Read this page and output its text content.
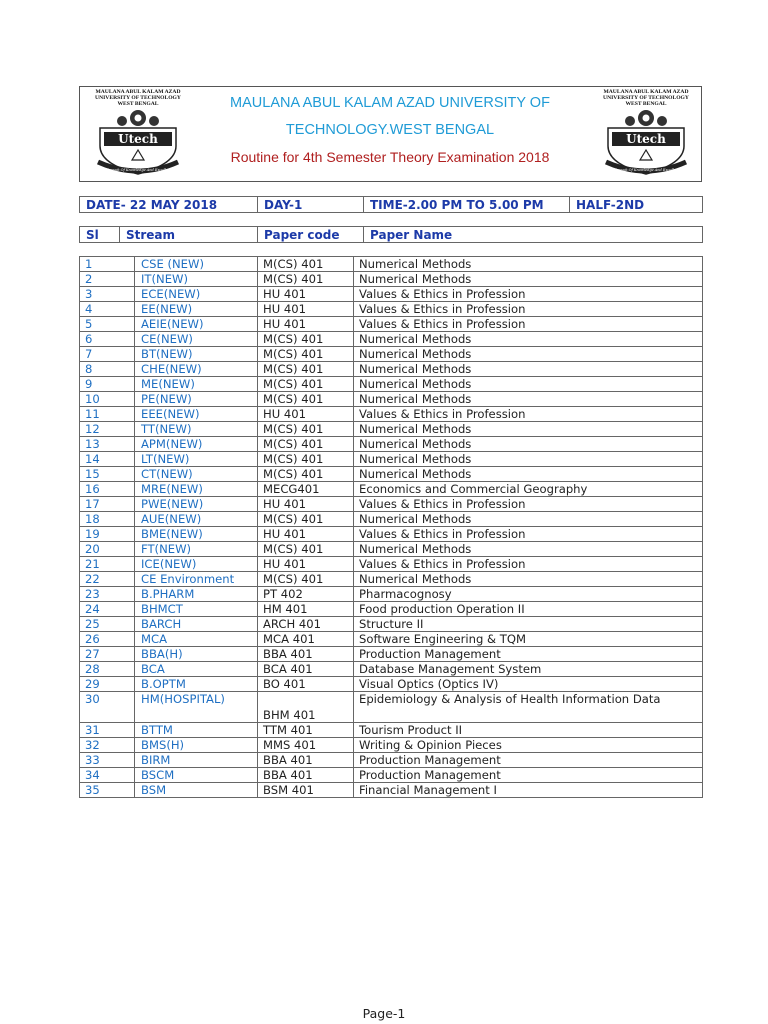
MAULANA ABUL KALAM AZAD
UNIVERSITY OF TECHNOLOGY
WEST BENGAL
Utech
In Pursuit Of Knowledge And Excellence
MAULANA ABUL KALAM AZAD UNIVERSITY OF
TECHNOLOGY.WEST BENGAL
Routine for 4th Semester Theory Examination 2018
MAULANA ABUL KALAM AZAD
UNIVERSITY OF TECHNOLOGY
WEST BENGAL
Utech
In Pursuit Of Knowledge And Excellence
DATE- 22 MAY 2018	DAY-1	TIME-2.00 PM TO 5.00 PM	HALF-2ND
Sl	Stream	Paper code	Paper Name
1	CSE (NEW)	M(CS) 401	Numerical Methods
2	IT(NEW)	M(CS) 401	Numerical Methods
3	ECE(NEW)	HU 401	Values & Ethics in Profession
4	EE(NEW)	HU 401	Values & Ethics in Profession
5	AEIE(NEW)	HU 401	Values & Ethics in Profession
6	CE(NEW)	M(CS) 401	Numerical Methods
7	BT(NEW)	M(CS) 401	Numerical Methods
8	CHE(NEW)	M(CS) 401	Numerical Methods
9	ME(NEW)	M(CS) 401	Numerical Methods
10	PE(NEW)	M(CS) 401	Numerical Methods
11	EEE(NEW)	HU 401	Values & Ethics in Profession
12	TT(NEW)	M(CS) 401	Numerical Methods
13	APM(NEW)	M(CS) 401	Numerical Methods
14	LT(NEW)	M(CS) 401	Numerical Methods
15	CT(NEW)	M(CS) 401	Numerical Methods
16	MRE(NEW)	MECG401	Economics and Commercial Geography
17	PWE(NEW)	HU 401	Values & Ethics in Profession
18	AUE(NEW)	M(CS) 401	Numerical Methods
19	BME(NEW)	HU 401	Values & Ethics in Profession
20	FT(NEW)	M(CS) 401	Numerical Methods
21	ICE(NEW)	HU 401	Values & Ethics in Profession
22	CE Environment	M(CS) 401	Numerical Methods
23	B.PHARM	PT 402	Pharmacognosy
24	BHMCT	HM 401	Food production Operation II
25	BARCH	ARCH 401	Structure II
26	MCA	MCA 401	Software Engineering & TQM
27	BBA(H)	BBA 401	Production Management
28	BCA	BCA 401	Database Management System
29	B.OPTM	BO 401	Visual Optics (Optics IV)
30	HM(HOSPITAL)	BHM 401	Epidemiology & Analysis of Health Information Data
31	BTTM	TTM 401	Tourism Product II
32	BMS(H)	MMS 401	Writing & Opinion Pieces
33	BIRM	BBA 401	Production Management
34	BSCM	BBA 401	Production Management
35	BSM	BSM 401	Financial Management I
Page-1
